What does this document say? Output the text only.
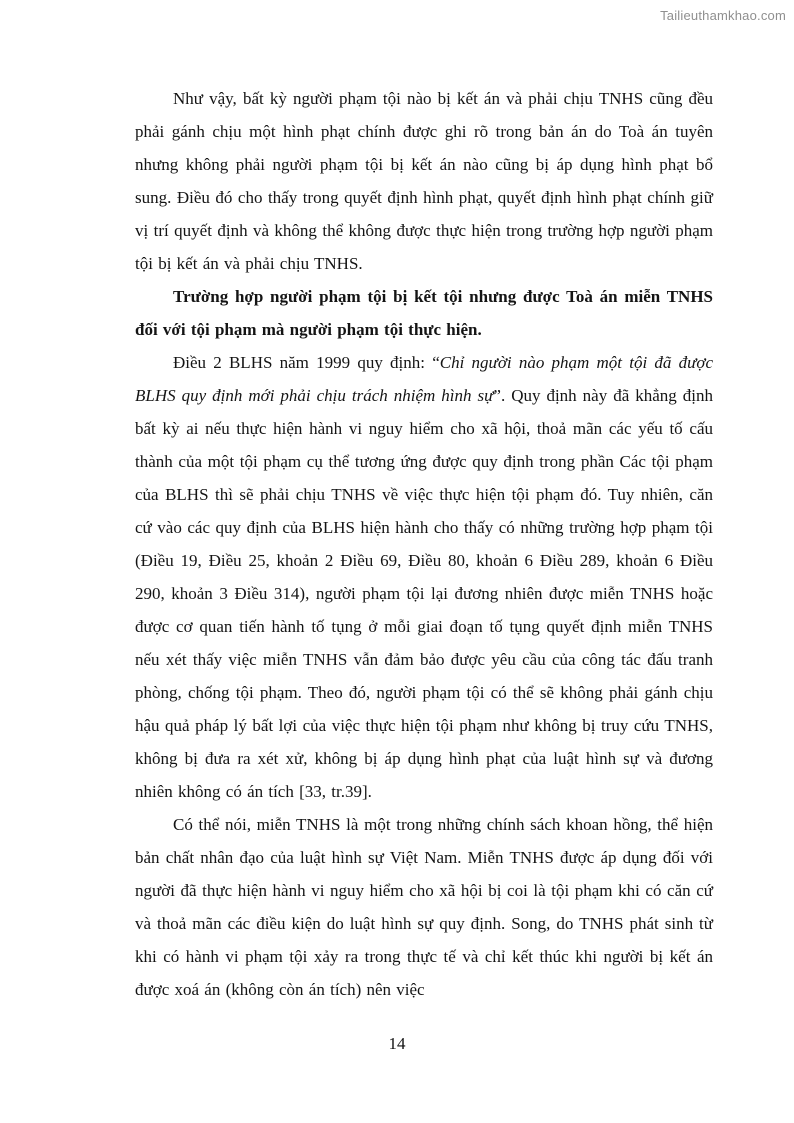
Tailieuthamkhao.com

Như vậy, bất kỳ người phạm tội nào bị kết án và phải chịu TNHS cũng đều phải gánh chịu một hình phạt chính được ghi rõ trong bản án do Toà án tuyên nhưng không phải người phạm tội bị kết án nào cũng bị áp dụng hình phạt bổ sung. Điều đó cho thấy trong quyết định hình phạt, quyết định hình phạt chính giữ vị trí quyết định và không thể không được thực hiện trong trường hợp người phạm tội bị kết án và phải chịu TNHS.

Trường hợp người phạm tội bị kết tội nhưng được Toà án miễn TNHS đối với tội phạm mà người phạm tội thực hiện.

Điều 2 BLHS năm 1999 quy định: “Chỉ người nào phạm một tội đã được BLHS quy định mới phải chịu trách nhiệm hình sự”. Quy định này đã khẳng định bất kỳ ai nếu thực hiện hành vi nguy hiểm cho xã hội, thoả mãn các yếu tố cấu thành của một tội phạm cụ thể tương ứng được quy định trong phần Các tội phạm của BLHS thì sẽ phải chịu TNHS về việc thực hiện tội phạm đó. Tuy nhiên, căn cứ vào các quy định của BLHS hiện hành cho thấy có những trường hợp phạm tội (Điều 19, Điều 25, khoản 2 Điều 69, Điều 80, khoản 6 Điều 289, khoản 6 Điều 290, khoản 3 Điều 314), người phạm tội lại đương nhiên được miễn TNHS hoặc được cơ quan tiến hành tố tụng ở mỗi giai đoạn tố tụng quyết định miễn TNHS nếu xét thấy việc miễn TNHS vẫn đảm bảo được yêu cầu của công tác đấu tranh phòng, chống tội phạm. Theo đó, người phạm tội có thể sẽ không phải gánh chịu hậu quả pháp lý bất lợi của việc thực hiện tội phạm như không bị truy cứu TNHS, không bị đưa ra xét xử, không bị áp dụng hình phạt của luật hình sự và đương nhiên không có án tích [33, tr.39].

Có thể nói, miễn TNHS là một trong những chính sách khoan hồng, thể hiện bản chất nhân đạo của luật hình sự Việt Nam. Miễn TNHS được áp dụng đối với người đã thực hiện hành vi nguy hiểm cho xã hội bị coi là tội phạm khi có căn cứ và thoả mãn các điều kiện do luật hình sự quy định. Song, do TNHS phát sinh từ khi có hành vi phạm tội xảy ra trong thực tế và chỉ kết thúc khi người bị kết án được xoá án (không còn án tích) nên việc

14
